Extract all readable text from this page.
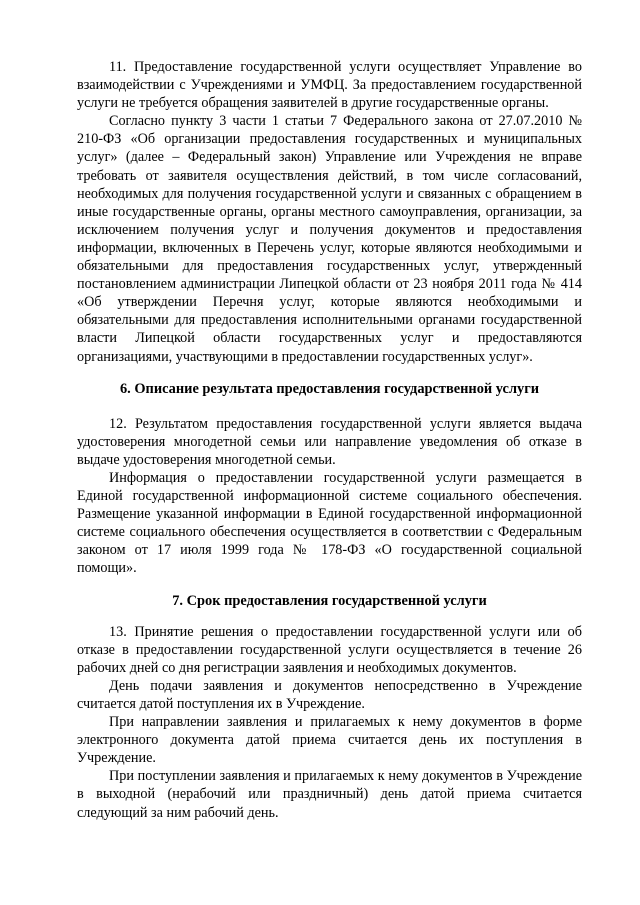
11. Предоставление государственной услуги осуществляет Управление во взаимодействии с Учреждениями и УМФЦ. За предоставлением государственной услуги не требуется обращения заявителей в другие государственные органы.

Согласно пункту 3 части 1 статьи 7 Федерального закона от 27.07.2010 № 210-ФЗ «Об организации предоставления государственных и муниципальных услуг» (далее – Федеральный закон) Управление или Учреждения не вправе требовать от заявителя осуществления действий, в том числе согласований, необходимых для получения государственной услуги и связанных с обращением в иные государственные органы, органы местного самоуправления, организации, за исключением получения услуг и получения документов и предоставления информации, включенных в Перечень услуг, которые являются необходимыми и обязательными для предоставления государственных услуг, утвержденный постановлением администрации Липецкой области от 23 ноября 2011 года № 414 «Об утверждении Перечня услуг, которые являются необходимыми и обязательными для предоставления исполнительными органами государственной власти Липецкой области государственных услуг и предоставляются организациями, участвующими в предоставлении государственных услуг».

6. Описание результата предоставления государственной услуги

12. Результатом предоставления государственной услуги является выдача удостоверения многодетной семьи или направление уведомления об отказе в выдаче удостоверения многодетной семьи.

Информация о предоставлении государственной услуги размещается в Единой государственной информационной системе социального обеспечения. Размещение указанной информации в Единой государственной информационной системе социального обеспечения осуществляется в соответствии с Федеральным законом от 17 июля 1999 года № 178-ФЗ «О государственной социальной помощи».

7. Срок предоставления государственной услуги

13. Принятие решения о предоставлении государственной услуги или об отказе в предоставлении государственной услуги осуществляется в течение 26 рабочих дней со дня регистрации заявления и необходимых документов.

День подачи заявления и документов непосредственно в Учреждение считается датой поступления их в Учреждение.

При направлении заявления и прилагаемых к нему документов в форме электронного документа датой приема считается день их поступления в Учреждение.

При поступлении заявления и прилагаемых к нему документов в Учреждение в выходной (нерабочий или праздничный) день датой приема считается следующий за ним рабочий день.
